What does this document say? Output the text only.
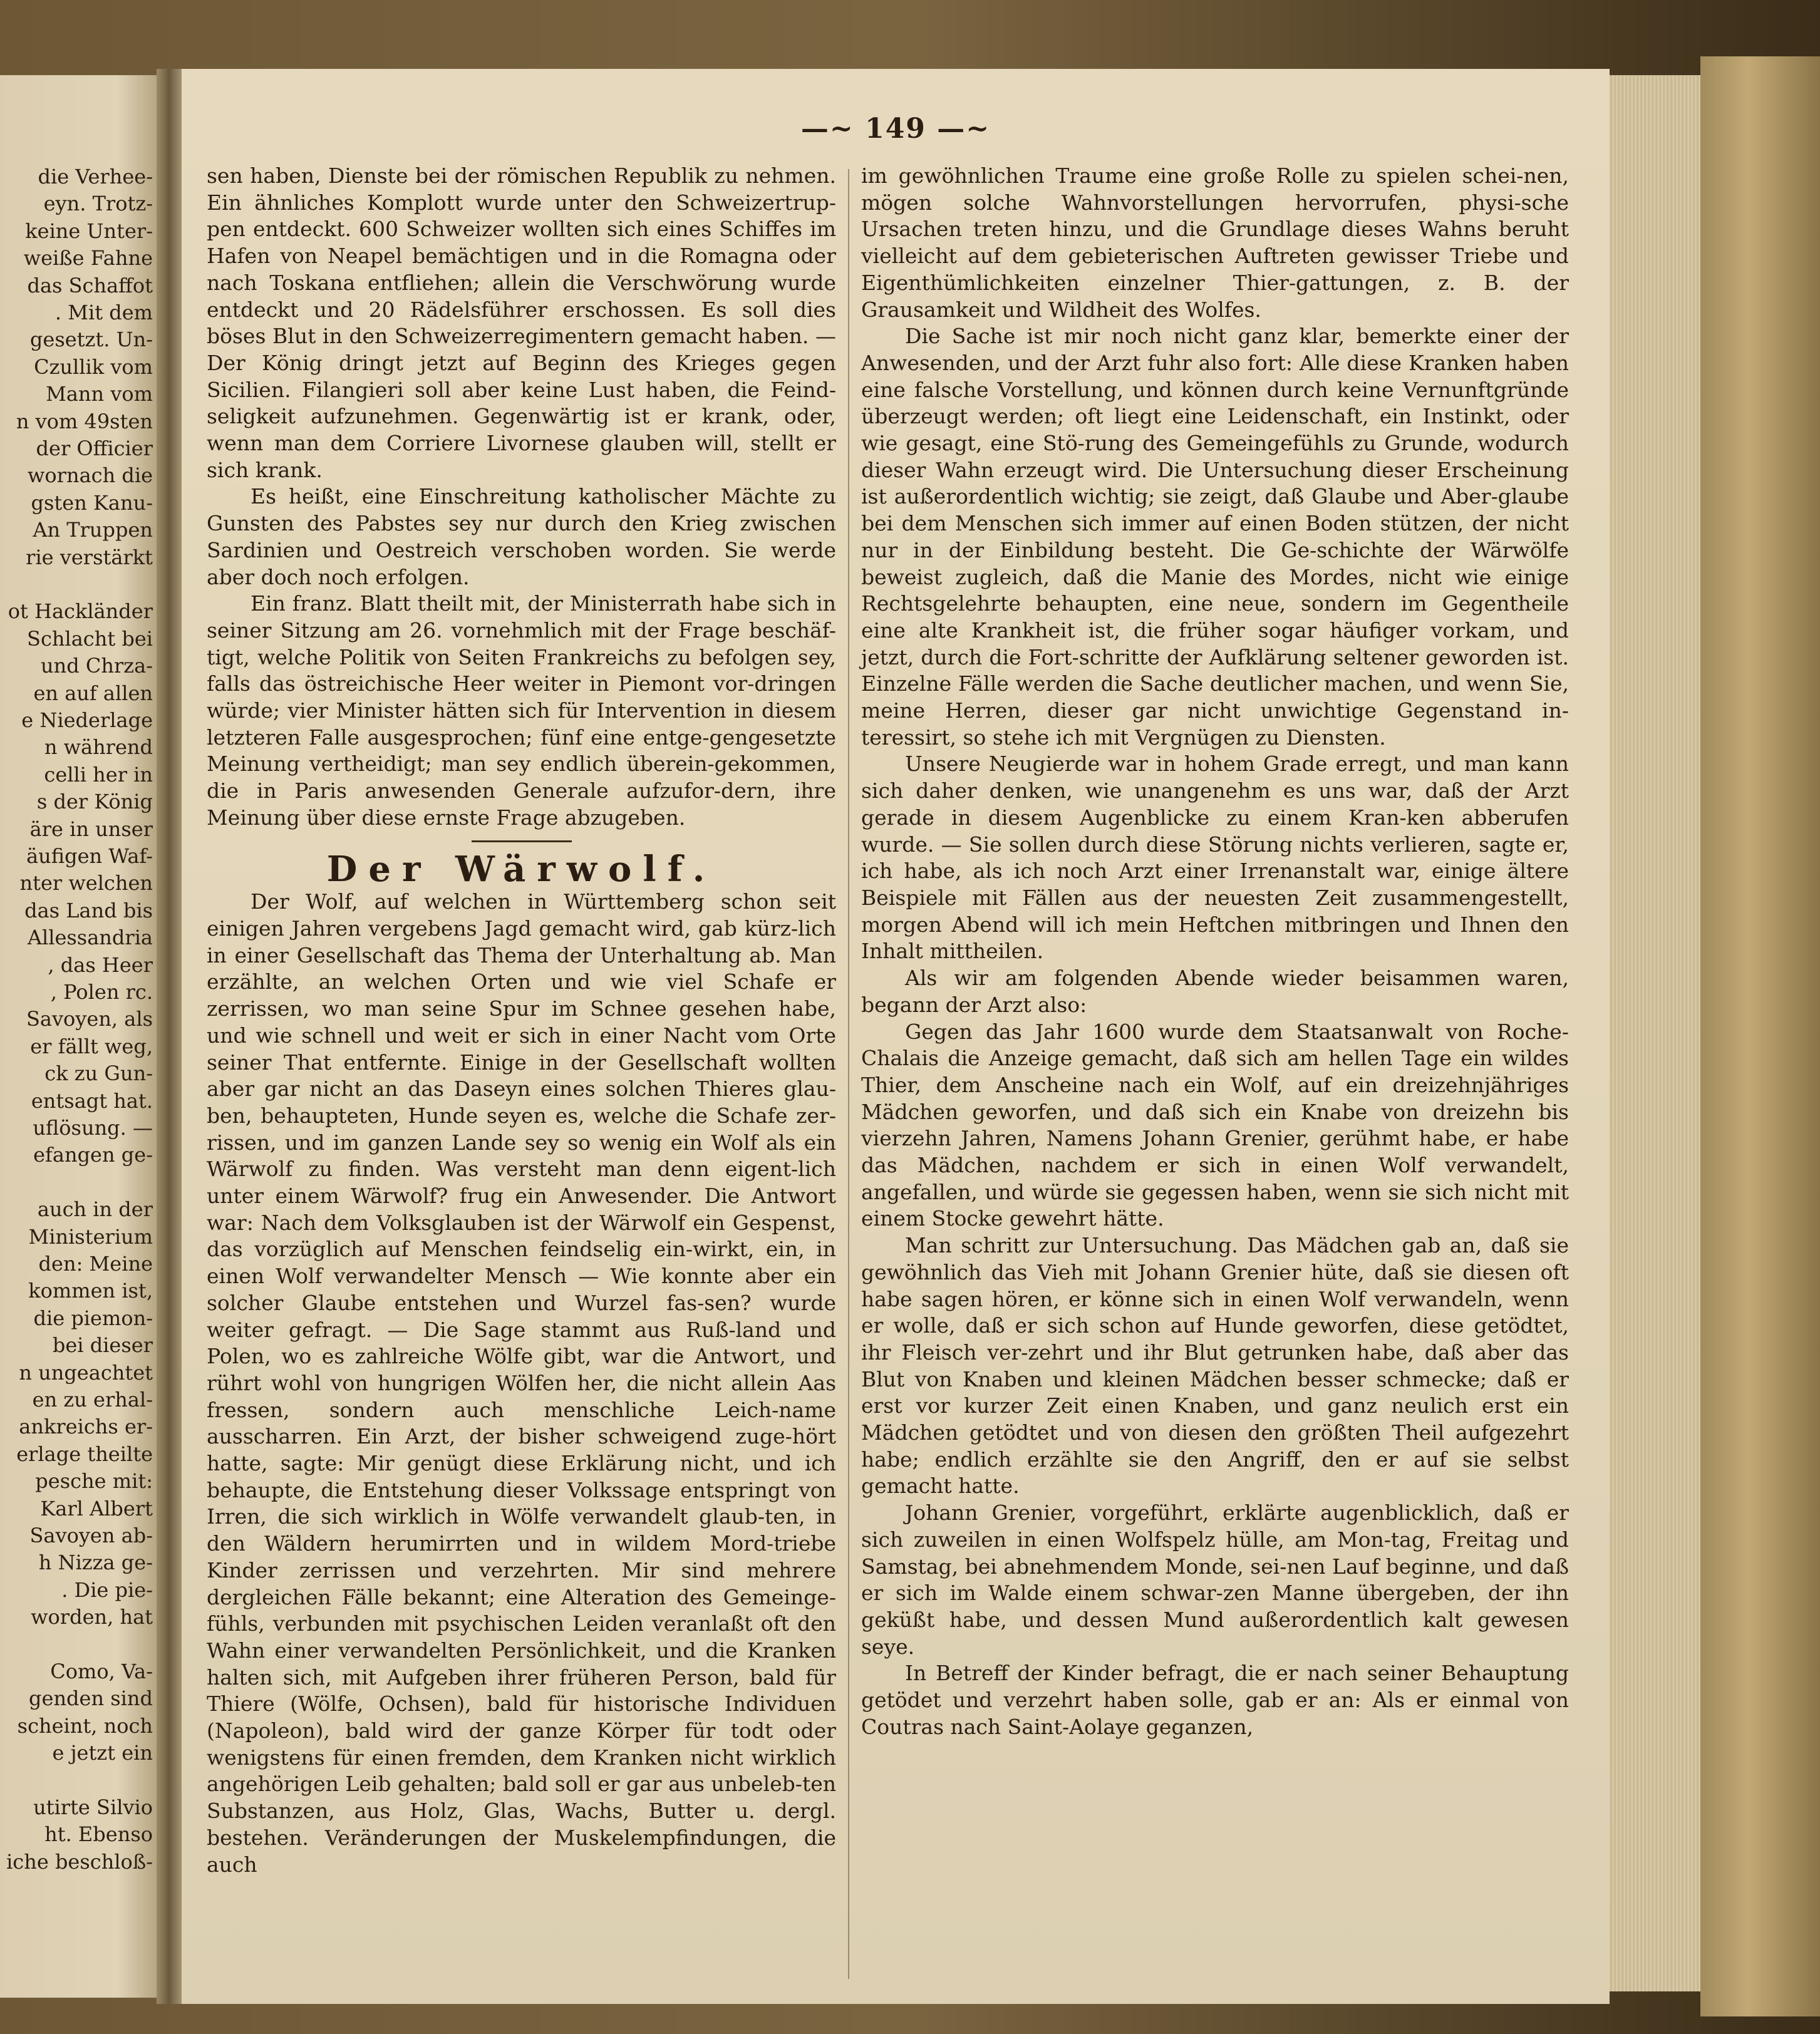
die Verhee-
eyn. Trotz-
keine Unter-
weiße Fahne
das Schaffot
. Mit dem
gesetzt. Un-
Czullik vom
Mann vom
n vom 49sten
der Officier
wornach die
gsten Kanu-
An Truppen
rie verstärkt
ot Hackländer
Schlacht bei
und Chrza-
en auf allen
e Niederlage
n während
celli her in
s der König
äre in unser
äufigen Waf-
nter welchen
das Land bis
Allessandria
, das Heer
, Polen rc.
Savoyen, als
er fällt weg,
ck zu Gun-
entsagt hat.
uflösung. —
efangen ge-
auch in der
Ministerium
den: Meine
kommen ist,
die piemon-
bei dieser
n ungeachtet
en zu erhal-
ankreichs er-
erlage theilte
pesche mit:
Karl Albert
Savoyen ab-
h Nizza ge-
. Die pie-
worden, hat
Como, Va-
genden sind
scheint, noch
e jetzt ein
utirte Silvio
ht. Ebenso
iche beschloß-
—~ 149 —~

sen haben, Dienste bei der römischen Republik zu nehmen. Ein ähnliches Komplott wurde unter den Schweizertrup-pen entdeckt. 600 Schweizer wollten sich eines Schiffes im Hafen von Neapel bemächtigen und in die Romagna oder nach Toskana entfliehen; allein die Verschwörung wurde entdeckt und 20 Rädelsführer erschossen. Es soll dies böses Blut in den Schweizerregimentern gemacht haben. — Der König dringt jetzt auf Beginn des Krieges gegen Sicilien. Filangieri soll aber keine Lust haben, die Feind-seligkeit aufzunehmen. Gegenwärtig ist er krank, oder, wenn man dem Corriere Livornese glauben will, stellt er sich krank.

Es heißt, eine Einschreitung katholischer Mächte zu Gunsten des Pabstes sey nur durch den Krieg zwischen Sardinien und Oestreich verschoben worden. Sie werde aber doch noch erfolgen.

Ein franz. Blatt theilt mit, der Ministerrath habe sich in seiner Sitzung am 26. vornehmlich mit der Frage beschäf-tigt, welche Politik von Seiten Frankreichs zu befolgen sey, falls das östreichische Heer weiter in Piemont vor-dringen würde; vier Minister hätten sich für Intervention in diesem letzteren Falle ausgesprochen; fünf eine entge-gengesetzte Meinung vertheidigt; man sey endlich überein-gekommen, die in Paris anwesenden Generale aufzufor-dern, ihre Meinung über diese ernste Frage abzugeben.

Der Wärwolf.

Der Wolf, auf welchen in Württemberg schon seit einigen Jahren vergebens Jagd gemacht wird, gab kürz-lich in einer Gesellschaft das Thema der Unterhaltung ab. Man erzählte, an welchen Orten und wie viel Schafe er zerrissen, wo man seine Spur im Schnee gesehen habe, und wie schnell und weit er sich in einer Nacht vom Orte seiner That entfernte. Einige in der Gesellschaft wollten aber gar nicht an das Daseyn eines solchen Thieres glau-ben, behaupteten, Hunde seyen es, welche die Schafe zer-rissen, und im ganzen Lande sey so wenig ein Wolf als ein Wärwolf zu finden. Was versteht man denn eigent-lich unter einem Wärwolf? frug ein Anwesender. Die Antwort war: Nach dem Volksglauben ist der Wärwolf ein Gespenst, das vorzüglich auf Menschen feindselig ein-wirkt, ein, in einen Wolf verwandelter Mensch — Wie konnte aber ein solcher Glaube entstehen und Wurzel fas-sen? wurde weiter gefragt. — Die Sage stammt aus Ruß-land und Polen, wo es zahlreiche Wölfe gibt, war die Antwort, und rührt wohl von hungrigen Wölfen her, die nicht allein Aas fressen, sondern auch menschliche Leich-name ausscharren. Ein Arzt, der bisher schweigend zuge-hört hatte, sagte: Mir genügt diese Erklärung nicht, und ich behaupte, die Entstehung dieser Volkssage entspringt von Irren, die sich wirklich in Wölfe verwandelt glaub-ten, in den Wäldern herumirrten und in wildem Mord-triebe Kinder zerrissen und verzehrten. Mir sind mehrere dergleichen Fälle bekannt; eine Alteration des Gemeinge-fühls, verbunden mit psychischen Leiden veranlaßt oft den Wahn einer verwandelten Persönlichkeit, und die Kranken halten sich, mit Aufgeben ihrer früheren Person, bald für Thiere (Wölfe, Ochsen), bald für historische Individuen (Napoleon), bald wird der ganze Körper für todt oder wenigstens für einen fremden, dem Kranken nicht wirklich angehörigen Leib gehalten; bald soll er gar aus unbeleb-ten Substanzen, aus Holz, Glas, Wachs, Butter u. dergl. bestehen. Veränderungen der Muskelempfindungen, die auch

im gewöhnlichen Traume eine große Rolle zu spielen schei-nen, mögen solche Wahnvorstellungen hervorrufen, physi-sche Ursachen treten hinzu, und die Grundlage dieses Wahns beruht vielleicht auf dem gebieterischen Auftreten gewisser Triebe und Eigenthümlichkeiten einzelner Thier-gattungen, z. B. der Grausamkeit und Wildheit des Wolfes.

Die Sache ist mir noch nicht ganz klar, bemerkte einer der Anwesenden, und der Arzt fuhr also fort: Alle diese Kranken haben eine falsche Vorstellung, und können durch keine Vernunftgründe überzeugt werden; oft liegt eine Leidenschaft, ein Instinkt, oder wie gesagt, eine Stö-rung des Gemeingefühls zu Grunde, wodurch dieser Wahn erzeugt wird. Die Untersuchung dieser Erscheinung ist außerordentlich wichtig; sie zeigt, daß Glaube und Aber-glaube bei dem Menschen sich immer auf einen Boden stützen, der nicht nur in der Einbildung besteht. Die Ge-schichte der Wärwölfe beweist zugleich, daß die Manie des Mordes, nicht wie einige Rechtsgelehrte behaupten, eine neue, sondern im Gegentheile eine alte Krankheit ist, die früher sogar häufiger vorkam, und jetzt, durch die Fort-schritte der Aufklärung seltener geworden ist. Einzelne Fälle werden die Sache deutlicher machen, und wenn Sie, meine Herren, dieser gar nicht unwichtige Gegenstand in-teressirt, so stehe ich mit Vergnügen zu Diensten.

Unsere Neugierde war in hohem Grade erregt, und man kann sich daher denken, wie unangenehm es uns war, daß der Arzt gerade in diesem Augenblicke zu einem Kran-ken abberufen wurde. — Sie sollen durch diese Störung nichts verlieren, sagte er, ich habe, als ich noch Arzt einer Irrenanstalt war, einige ältere Beispiele mit Fällen aus der neuesten Zeit zusammengestellt, morgen Abend will ich mein Heftchen mitbringen und Ihnen den Inhalt mittheilen.

Als wir am folgenden Abende wieder beisammen waren, begann der Arzt also:

Gegen das Jahr 1600 wurde dem Staatsanwalt von Roche-Chalais die Anzeige gemacht, daß sich am hellen Tage ein wildes Thier, dem Anscheine nach ein Wolf, auf ein dreizehnjähriges Mädchen geworfen, und daß sich ein Knabe von dreizehn bis vierzehn Jahren, Namens Johann Grenier, gerühmt habe, er habe das Mädchen, nachdem er sich in einen Wolf verwandelt, angefallen, und würde sie gegessen haben, wenn sie sich nicht mit einem Stocke gewehrt hätte.

Man schritt zur Untersuchung. Das Mädchen gab an, daß sie gewöhnlich das Vieh mit Johann Grenier hüte, daß sie diesen oft habe sagen hören, er könne sich in einen Wolf verwandeln, wenn er wolle, daß er sich schon auf Hunde geworfen, diese getödtet, ihr Fleisch ver-zehrt und ihr Blut getrunken habe, daß aber das Blut von Knaben und kleinen Mädchen besser schmecke; daß er erst vor kurzer Zeit einen Knaben, und ganz neulich erst ein Mädchen getödtet und von diesen den größten Theil aufgezehrt habe; endlich erzählte sie den Angriff, den er auf sie selbst gemacht hatte.

Johann Grenier, vorgeführt, erklärte augenblicklich, daß er sich zuweilen in einen Wolfspelz hülle, am Mon-tag, Freitag und Samstag, bei abnehmendem Monde, sei-nen Lauf beginne, und daß er sich im Walde einem schwar-zen Manne übergeben, der ihn geküßt habe, und dessen Mund außerordentlich kalt gewesen seye.

In Betreff der Kinder befragt, die er nach seiner Behauptung getödet und verzehrt haben solle, gab er an: Als er einmal von Coutras nach Saint-Aolaye geganzen,
